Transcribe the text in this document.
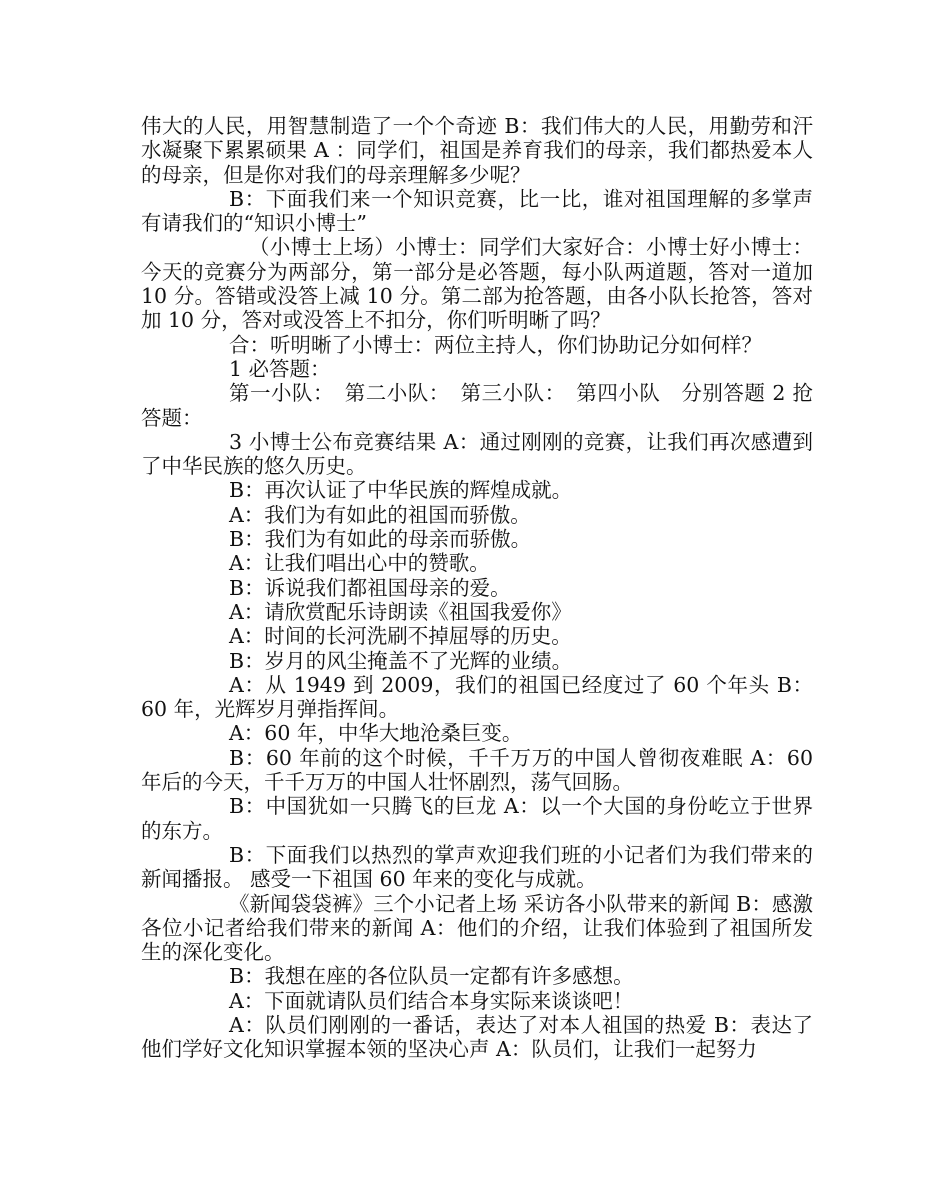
伟大的人民，用智慧制造了一个个奇迹 B：我们伟大的人民，用勤劳和汗水凝聚下累累硕果 A ：同学们，祖国是养育我们的母亲，我们都热爱本人的母亲，但是你对我们的母亲理解多少呢？

B：下面我们来一个知识竞赛，比一比，谁对祖国理解的多掌声有请我们的“知识小博士”

（小博士上场）小博士：同学们大家好合：小博士好小博士：今天的竞赛分为两部分，第一部分是必答题，每小队两道题，答对一道加 10 分。答错或没答上减 10 分。第二部为抢答题，由各小队长抢答，答对加 10 分，答对或没答上不扣分，你们听明晰了吗？

合：听明晰了小博士：两位主持人，你们协助记分如何样？

1 必答题：

第一小队：　第二小队：　第三小队：　第四小队　分别答题 2 抢答题：

3 小博士公布竞赛结果 A：通过刚刚的竞赛，让我们再次感遭到了中华民族的悠久历史。

B：再次认证了中华民族的辉煌成就。

A：我们为有如此的祖国而骄傲。

B：我们为有如此的母亲而骄傲。

A：让我们唱出心中的赞歌。

B：诉说我们都祖国母亲的爱。

A：请欣赏配乐诗朗读《祖国我爱你》

A：时间的长河洗刷不掉屈辱的历史。

B：岁月的风尘掩盖不了光辉的业绩。

A：从 1949 到 2009，我们的祖国已经度过了 60 个年头 B：60 年，光辉岁月弹指挥间。

A：60 年，中华大地沧桑巨变。

B：60 年前的这个时候，千千万万的中国人曾彻夜难眠 A：60 年后的今天，千千万万的中国人壮怀剧烈，荡气回肠。

B：中国犹如一只腾飞的巨龙 A：以一个大国的身份屹立于世界的东方。

B：下面我们以热烈的掌声欢迎我们班的小记者们为我们带来的新闻播报。 感受一下祖国 60 年来的变化与成就。

《新闻袋袋裤》三个小记者上场 采访各小队带来的新闻 B：感激各位小记者给我们带来的新闻 A：他们的介绍，让我们体验到了祖国所发生的深化变化。

B：我想在座的各位队员一定都有许多感想。

A：下面就请队员们结合本身实际来谈谈吧！

A：队员们刚刚的一番话，表达了对本人祖国的热爱 B：表达了他们学好文化知识掌握本领的坚决心声 A：队员们，让我们一起努力
